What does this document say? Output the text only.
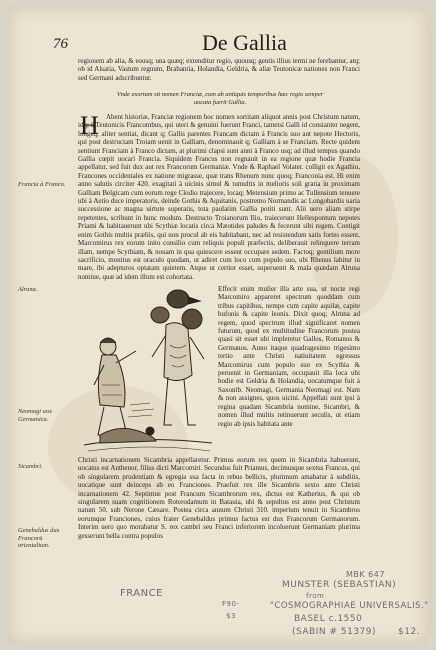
76	De Gallia
regionem ab alia, & eousq; una quæq; extenditur regio, quousq; gentis illius termi ne ferebantur, atq; ob id Alsatia, Vastum regnum, Brabantia, Holandia, Geldria, & aliæ Teutonicæ nationes non Franci sed Germani adscribuntur.
Vnde exortum sit nomen Franciæ, cum ab antiquis temporibus hæc regio semper uocata fuerit Gallia.
H	Abent historiæ, Franciæ regionem hoc nomen sortitam aliquot annis post Christum natum, idq; à Teutonicis Francombus, qui uteri & genuini fuerunt Franci, tametsi Galli id constanter negent, longeq; aliter sentiat, dicant q; Gallis parentes Francam dictam à Francis suo aut nepote Hectoris, qui post destructam Troiam uenit in Galliam, denominauit q; Galliam à se Franciam. Recte quidem sentiunt Franciam à Franco dictam, at plurimi clapsi sunt anni à Franco usq; ad illud tempus quando Gallia cœpit uocari Francia. Siquidem Francus non regnauit in ea regione quæ hodie Francia appellatur, sed fuit dux aut rex Francorum Germaniæ. Vnde & Raphael Volater. colligit ex Agathio, Francones occidentales ex natione migrasse, quæ trans Rhenum nunc quoq; Franconia est. Hi enim anno salutis circiter 420. exagitati à uicinis simul & tumultis in melioris soli gratia in proximam Galliam Belgicam cum eorum rege Clodio trajecere, locaq; Metensium primo ac Tullensium tenuere ubi à Aetio duce imperatoris, deinde Gothis & Aquitanis, postremo Normandis ac Longobardis uaria successione ac magna uirtute superatis, tota paulatim Gallia potiti sunt. Alii uero aliam stirpe repetentes, scribunt in hunc modum. Destructo Troianorum Ilio, traiecerunt Hellespontum nepotes Priami & habitauerunt ubi Scythiæ locatis circa Mæotides paludes & fecerunt sibi regem. Contigit enim Gothis multis præliis, qui non procul ab eis habitabant, nec ad resistendum satis fortes essent, Marcomirus rex eorum inito consilio cum reliquis populi præfectis, deliberauit relinquere terram illam, nempe Scythiam, & nouam in qua quiescere essent occupare sedem. Factoq; gentilium more sacrificio, monitus est oraculo quodam, ut adiret cum loco cum populo suo, ubi Rhenus labitur in mare, ibi adepturos optatam quietem. Atque ut certior esset, superuenit & mala quædam Alruna nomine, quæ ad idem illum est cohortata.
Effecit enim mulier illa arte sua, ut nocte regi Marcomiro appareret spectrum quoddam cum tribus capitibus, nempe cum capite aquilæ, capite bufonis & capite leonis. Dixit quoq; Alruna ad regem, quod spectrum illud significaret nomen futurum, quod ex multitudine Francorum postea quasi sit esset ubi impleretur Gallos, Romanos & Germanos. Anno itaque quadragesimo trigesimo tertio ante Christi natiuitatem egressus Marcomirus cum populo suo ex Scythia & peruenit in Germaniam, occupauit illa loca ubi hodie est Geldria & Holandia, uocatumque fuit à Saxonib. Neomagi, Germania Neomagi est. Nam & non assignes, quos uicini. Appellati sunt ipsi à regina quadam Sicambria nomine, Sicambri, & nomen illud multis retinuerunt seculis, ut etiam regio ab ipsis habitata ante
Christi incarnationem Sicambria appellaretur. Primus eorum rex quem in Sicambria habuerunt, uocatus est Anthenor, filius dicti Marcomiri. Secundus fuit Priamus, decimusque sextus Francus, qui ob singularem prudentiam & egregia sua facta in rebus bellicis, plurimum amabatur à subditis, uocatique sunt deinceps ab eo Franciones. Praefuit rex ille Sicambris sexto ante Christi incarnationem 42. Septimus post Francum Sicambrorum rex, dictus est Katherius, & qui ob singularem suam cognitionem Roterodamum in Batauia, ubi & sepultus est anno post Christum natum 50. sub Nerone Cæsare. Postea circa annum Christi 310. imperium tenuit in Sicambros eorumque Franciones, cuius frater Genebaldus primus factus est dux Francorum Germanorum. Interim uero quo morabatur S. rex cambri seu Franci inferiorem incoluerunt Germaniam plurima gesserunt bella contra populos
Francia à Franco.
Alruna.
Neomagi uox Germanica.
Sicambri.
Genebaldus dux Francorū orientalium.
FRANCE
F90-
$3
MBK 647
MUNSTER (SEBASTIAN)
from
"COSMOGRAPHIAE UNIVERSALIS."
BASEL c.1550
(SABIN # 51379) $12.
